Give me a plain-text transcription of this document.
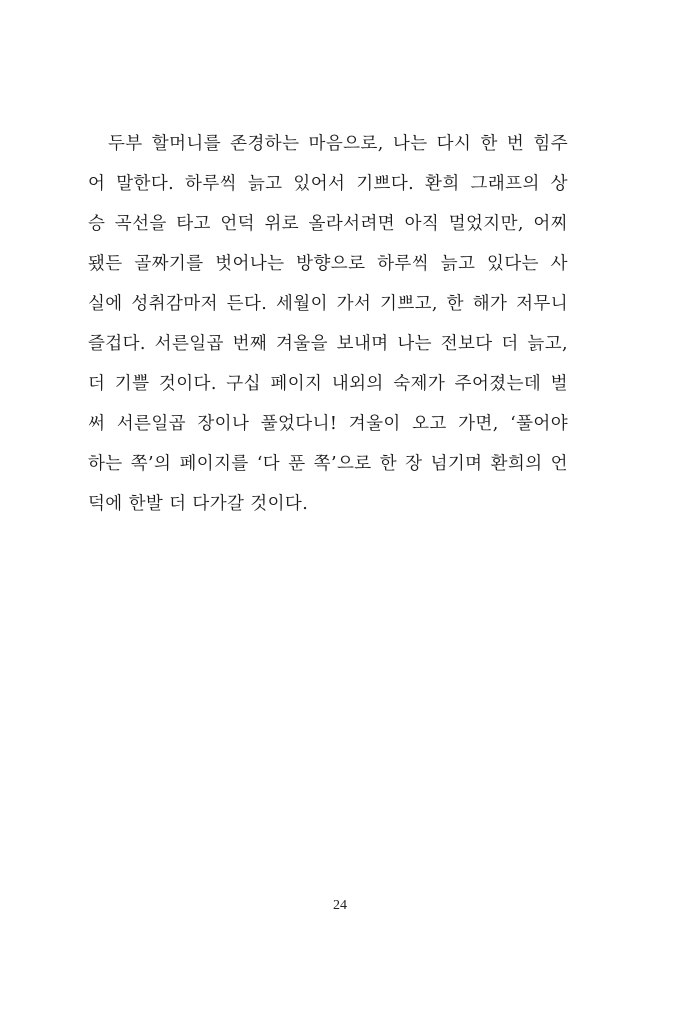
두부 할머니를 존경하는 마음으로, 나는 다시 한 번 힘주
어 말한다. 하루씩 늙고 있어서 기쁘다. 환희 그래프의 상
승 곡선을 타고 언덕 위로 올라서려면 아직 멀었지만, 어찌
됐든 골짜기를 벗어나는 방향으로 하루씩 늙고 있다는 사
실에 성취감마저 든다. 세월이 가서 기쁘고, 한 해가 저무니
즐겁다. 서른일곱 번째 겨울을 보내며 나는 전보다 더 늙고,
더 기쁠 것이다. 구십 페이지 내외의 숙제가 주어졌는데 벌
써 서른일곱 장이나 풀었다니! 겨울이 오고 가면, ‘풀어야
하는 쪽’의 페이지를 ‘다 푼 쪽’으로 한 장 넘기며 환희의 언
덕에 한발 더 다가갈 것이다.
24
